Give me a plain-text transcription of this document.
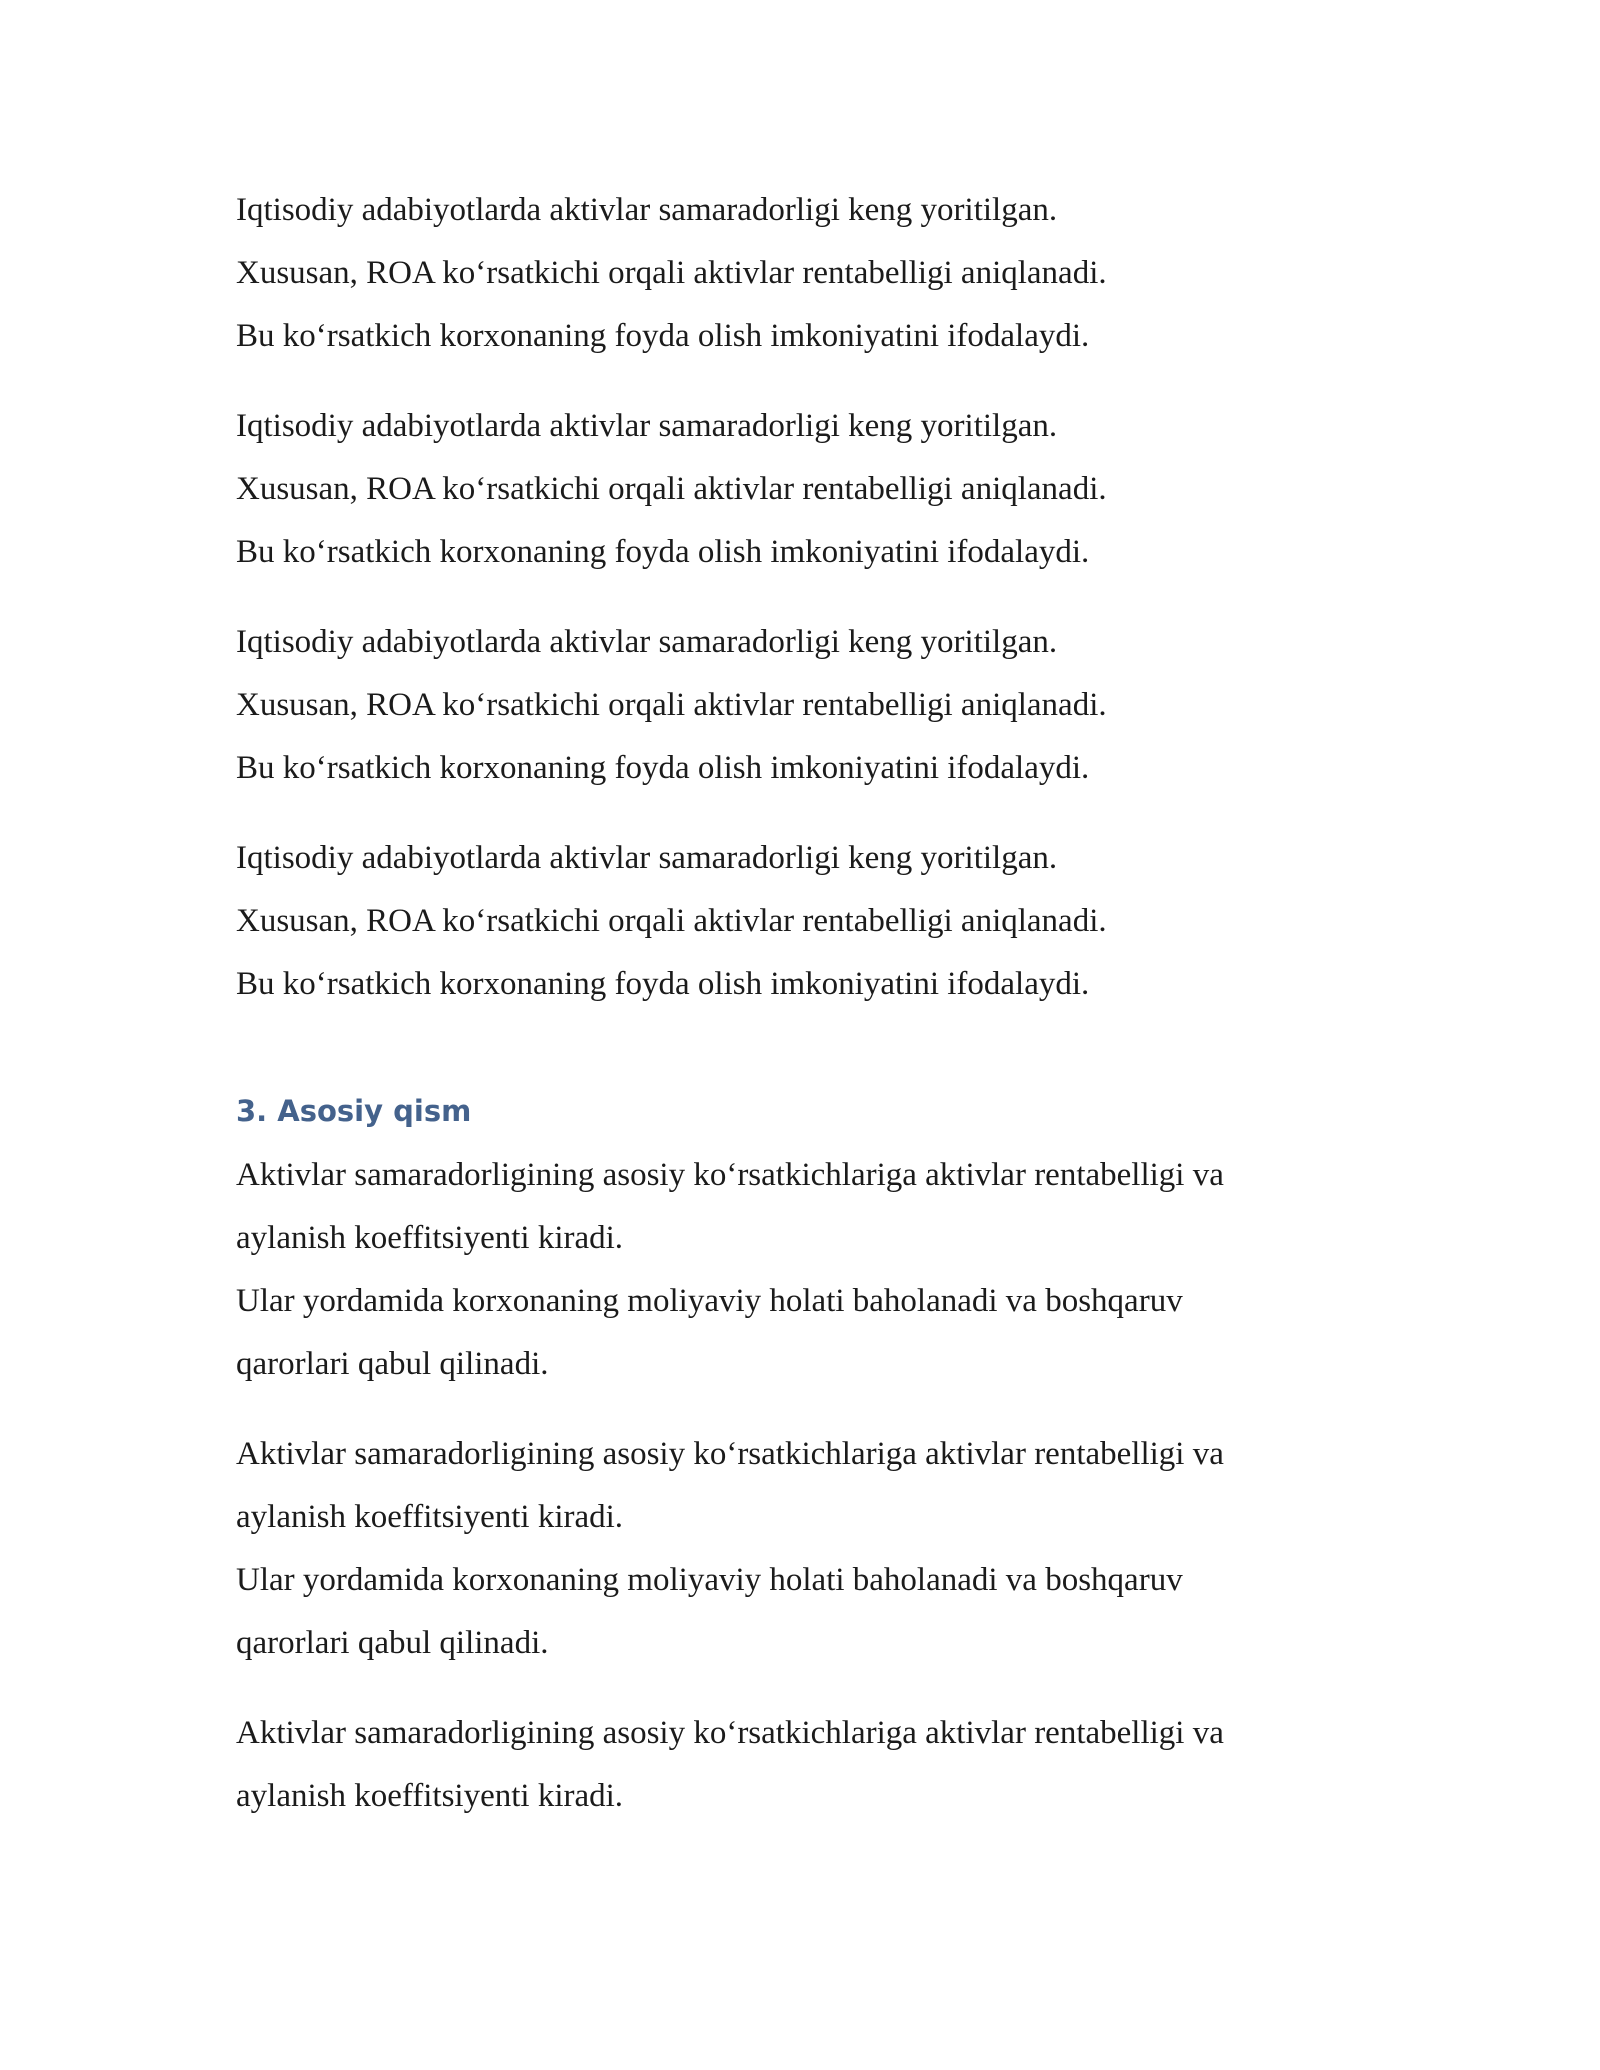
Iqtisodiy adabiyotlarda aktivlar samaradorligi keng yoritilgan.

Xususan, ROA ko‘rsatkichi orqali aktivlar rentabelligi aniqlanadi.

Bu ko‘rsatkich korxonaning foyda olish imkoniyatini ifodalaydi.

Iqtisodiy adabiyotlarda aktivlar samaradorligi keng yoritilgan.

Xususan, ROA ko‘rsatkichi orqali aktivlar rentabelligi aniqlanadi.

Bu ko‘rsatkich korxonaning foyda olish imkoniyatini ifodalaydi.

Iqtisodiy adabiyotlarda aktivlar samaradorligi keng yoritilgan.

Xususan, ROA ko‘rsatkichi orqali aktivlar rentabelligi aniqlanadi.

Bu ko‘rsatkich korxonaning foyda olish imkoniyatini ifodalaydi.

Iqtisodiy adabiyotlarda aktivlar samaradorligi keng yoritilgan.

Xususan, ROA ko‘rsatkichi orqali aktivlar rentabelligi aniqlanadi.

Bu ko‘rsatkich korxonaning foyda olish imkoniyatini ifodalaydi.

3. Asosiy qism

Aktivlar samaradorligining asosiy ko‘rsatkichlariga aktivlar rentabelligi va

aylanish koeffitsiyenti kiradi.

Ular yordamida korxonaning moliyaviy holati baholanadi va boshqaruv

qarorlari qabul qilinadi.

Aktivlar samaradorligining asosiy ko‘rsatkichlariga aktivlar rentabelligi va

aylanish koeffitsiyenti kiradi.

Ular yordamida korxonaning moliyaviy holati baholanadi va boshqaruv

qarorlari qabul qilinadi.

Aktivlar samaradorligining asosiy ko‘rsatkichlariga aktivlar rentabelligi va

aylanish koeffitsiyenti kiradi.
